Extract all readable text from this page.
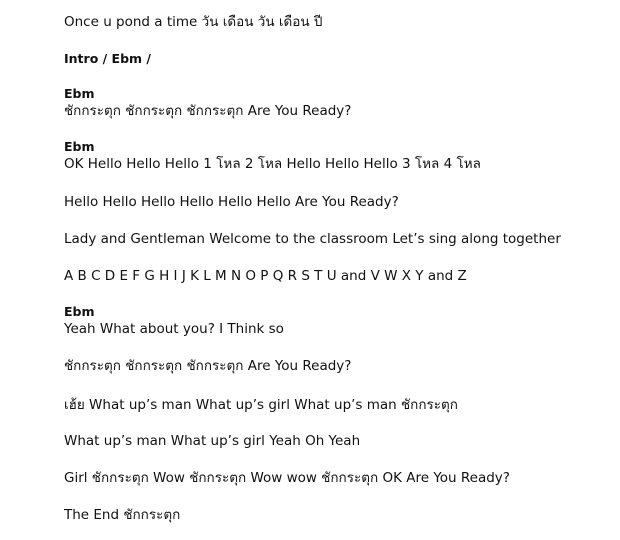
Once u pond a time วัน เดือน วัน เดือน ปี
Intro / Ebm /
Ebm
ชักกระตุก ชักกระตุก ชักกระตุก Are You Ready?
Ebm
OK Hello Hello Hello 1 โหล 2 โหล Hello Hello Hello 3 โหล 4 โหล
Hello Hello Hello Hello Hello Hello Are You Ready?
Lady and Gentleman Welcome to the classroom Let’s sing along together
A B C D E F G H I J K L M N O P Q R S T U and V W X Y and Z
Ebm
Yeah What about you? I Think so
ชักกระตุก ชักกระตุก ชักกระตุก Are You Ready?
เฮ้ย What up’s man What up’s girl What up’s man ชักกระตุก
What up’s man What up’s girl Yeah Oh Yeah
Girl ชักกระตุก Wow ชักกระตุก Wow wow ชักกระตุก OK Are You Ready?
The End ชักกระตุก
